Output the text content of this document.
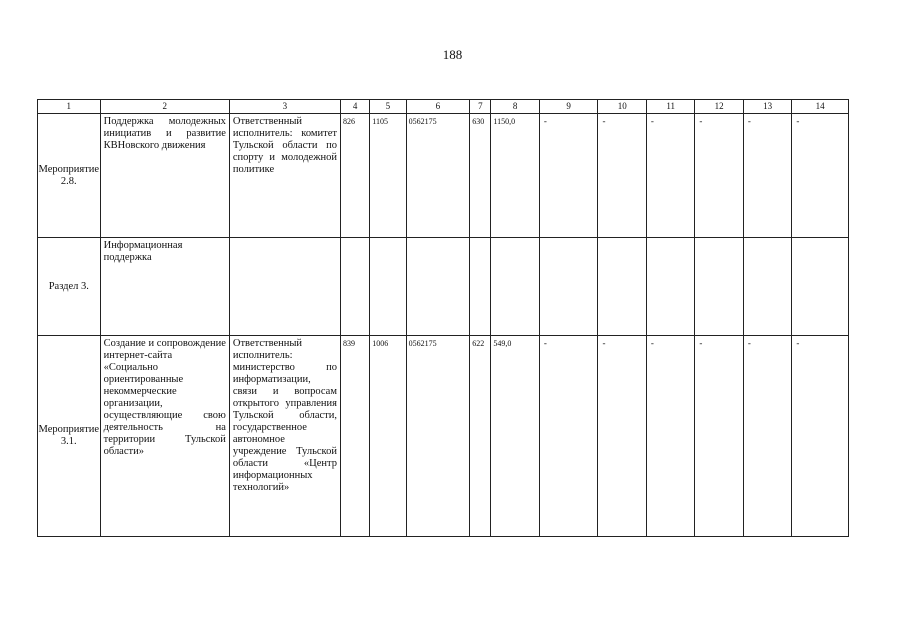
188
1	2	3	4	5	6	7	8	9	10	11	12	13	14
Мероприятие 2.8.	Поддержка молодежных инициатив и развитие КВНовского движения	Ответственный исполнитель: комитет Тульской области по спорту и молодежной политике	826	1105	0562175	630	1150,0	-	-	-	-	-	-
Раздел 3.	Информационная поддержка												
Мероприятие 3.1.	Создание и сопровождение интернет-сайта «Социально ориентированные некоммерческие организации, осуществляющие свою деятельность на территории Тульской области»	Ответственный исполнитель: министерство по информатизации, связи и вопросам открытого управления Тульской области, государственное автономное учреждение Тульской области «Центр информационных технологий»	839	1006	0562175	622	549,0	-	-	-	-	-	-
